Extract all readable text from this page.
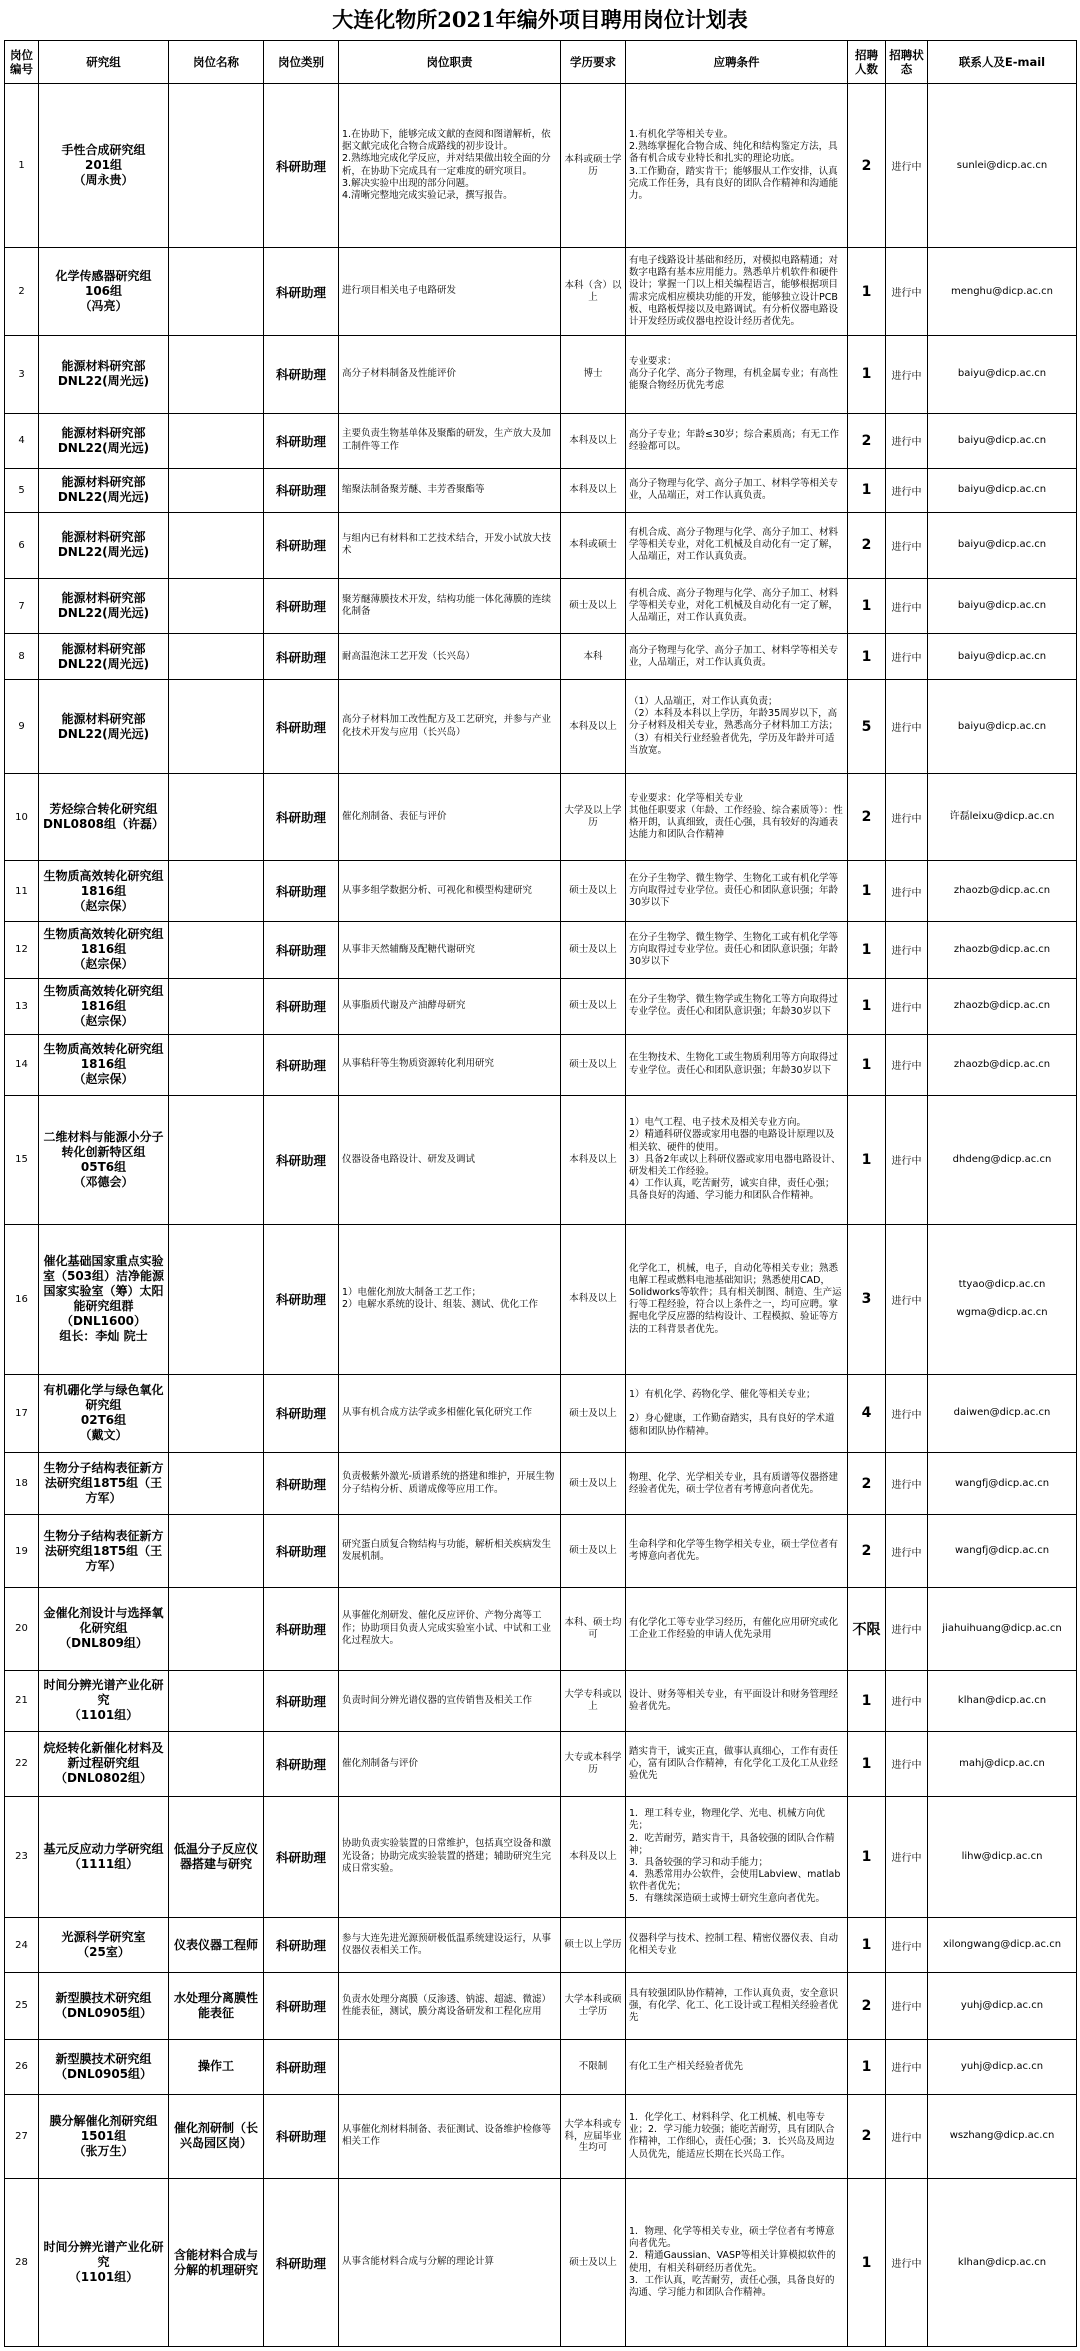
大连化物所2021年编外项目聘用岗位计划表
岗位编号	研究组	岗位名称	岗位类别	岗位职责	学历要求	应聘条件	招聘人数	招聘状态	联系人及E-mail
1	手性合成研究组
201组
（周永贵）		科研助理	1.在协助下，能够完成文献的查阅和图谱解析，依据文献完成化合物合成路线的初步设计。
2.熟练地完成化学反应，并对结果做出较全面的分析，在协助下完成具有一定难度的研究项目。
3.解决实验中出现的部分问题。
4.清晰完整地完成实验记录，撰写报告。	本科或硕士学历	1.有机化学等相关专业。
2.熟练掌握化合物合成、纯化和结构鉴定方法，具备有机合成专业特长和扎实的理论功底。
3.工作勤奋，踏实肯干；能够服从工作安排，认真完成工作任务，具有良好的团队合作精神和沟通能力。	2	进行中	sunlei@dicp.ac.cn
2	化学传感器研究组
106组
（冯亮）		科研助理	进行项目相关电子电路研发	本科（含）以上	有电子线路设计基础和经历，对模拟电路精通；对数字电路有基本应用能力。熟悉单片机软件和硬件设计；掌握一门以上相关编程语言，能够根据项目需求完成相应模块功能的开发，能够独立设计PCB板、电路板焊接以及电路调试。有分析仪器电路设计开发经历或仪器电控设计经历者优先。	1	进行中	menghu@dicp.ac.cn
3	能源材料研究部
DNL22(周光远)		科研助理	高分子材料制备及性能评价	博士	专业要求：
高分子化学、高分子物理，有机金属专业；有高性能聚合物经历优先考虑	1	进行中	baiyu@dicp.ac.cn
4	能源材料研究部
DNL22(周光远)		科研助理	主要负责生物基单体及聚酯的研发，生产放大及加工制件等工作	本科及以上	高分子专业；年龄≤30岁；综合素质高；有无工作经验都可以。	2	进行中	baiyu@dicp.ac.cn
5	能源材料研究部
DNL22(周光远)		科研助理	缩聚法制备聚芳醚、丰芳香聚酯等	本科及以上	高分子物理与化学、高分子加工、材料学等相关专业，人品端正，对工作认真负责。	1	进行中	baiyu@dicp.ac.cn
6	能源材料研究部
DNL22(周光远)		科研助理	与组内已有材料和工艺技术结合，开发小试放大技术	本科或硕士	有机合成、高分子物理与化学、高分子加工、材料学等相关专业，对化工机械及自动化有一定了解，人品端正，对工作认真负责。	2	进行中	baiyu@dicp.ac.cn
7	能源材料研究部
DNL22(周光远)		科研助理	聚芳醚薄膜技术开发，结构功能一体化薄膜的连续化制备	硕士及以上	有机合成、高分子物理与化学、高分子加工、材料学等相关专业，对化工机械及自动化有一定了解，人品端正，对工作认真负责。	1	进行中	baiyu@dicp.ac.cn
8	能源材料研究部
DNL22(周光远)		科研助理	耐高温泡沫工艺开发（长兴岛）	本科	高分子物理与化学、高分子加工、材料学等相关专业，人品端正，对工作认真负责。	1	进行中	baiyu@dicp.ac.cn
9	能源材料研究部
DNL22(周光远)		科研助理	高分子材料加工改性配方及工艺研究，并参与产业化技术开发与应用（长兴岛）	本科及以上	（1）人品端正，对工作认真负责；
（2）本科及本科以上学历，年龄35周岁以下，高分子材料及相关专业，熟悉高分子材料加工方法；
（3）有相关行业经验者优先，学历及年龄并可适当放宽。	5	进行中	baiyu@dicp.ac.cn
10	芳烃综合转化研究组DNL0808组（许磊）		科研助理	催化剂制备、表征与评价	大学及以上学历	专业要求：化学等相关专业
其他任职要求（年龄、工作经验、综合素质等）：性格开朗，认真细致，责任心强，具有较好的沟通表达能力和团队合作精神	2	进行中	许磊leixu@dicp.ac.cn
11	生物质高效转化研究组
1816组
（赵宗保）		科研助理	从事多组学数据分析、可视化和模型构建研究	硕士及以上	在分子生物学、微生物学、生物化工或有机化学等方向取得过专业学位。责任心和团队意识强；年龄30岁以下	1	进行中	zhaozb@dicp.ac.cn
12	生物质高效转化研究组
1816组
（赵宗保）		科研助理	从事非天然辅酶及配糖代谢研究	硕士及以上	在分子生物学、微生物学、生物化工或有机化学等方向取得过专业学位。责任心和团队意识强；年龄30岁以下	1	进行中	zhaozb@dicp.ac.cn
13	生物质高效转化研究组
1816组
（赵宗保）		科研助理	从事脂质代谢及产油酵母研究	硕士及以上	在分子生物学、微生物学或生物化工等方向取得过专业学位。责任心和团队意识强；年龄30岁以下	1	进行中	zhaozb@dicp.ac.cn
14	生物质高效转化研究组
1816组
（赵宗保）		科研助理	从事秸秆等生物质资源转化利用研究	硕士及以上	在生物技术、生物化工或生物质利用等方向取得过专业学位。责任心和团队意识强；年龄30岁以下	1	进行中	zhaozb@dicp.ac.cn
15	二维材料与能源小分子转化创新特区组
05T6组
（邓德会）		科研助理	仪器设备电路设计、研发及调试	本科及以上	1）电气工程、电子技术及相关专业方向。
2）精通科研仪器或家用电器的电路设计原理以及相关软、硬件的使用。
3）具备2年或以上科研仪器或家用电器电路设计、研发相关工作经验。
4）工作认真，吃苦耐劳，诚实自律，责任心强；具备良好的沟通、学习能力和团队合作精神。	1	进行中	dhdeng@dicp.ac.cn
16	催化基础国家重点实验室（503组）洁净能源国家实验室（筹）太阳能研究组群
（DNL1600）
组长：李灿 院士		科研助理	1）电催化剂放大制备工艺工作；
2）电解水系统的设计、组装、测试、优化工作	本科及以上	化学化工，机械，电子，自动化等相关专业；熟悉电解工程或燃料电池基础知识；熟悉使用CAD，Solidworks等软件；具有相关制图、制造、生产运行等工程经验，符合以上条件之一，均可应聘。掌握电化学反应器的结构设计、工程模拟、验证等方法的工科背景者优先。	3	进行中	ttyao@dicp.ac.cn

wgma@dicp.ac.cn
17	有机硼化学与绿色氧化研究组
02T6组
（戴文）		科研助理	从事有机合成方法学或多相催化氧化研究工作	硕士及以上	1）有机化学、药物化学、催化等相关专业；

2）身心健康，工作勤奋踏实，具有良好的学术道德和团队协作精神。	4	进行中	daiwen@dicp.ac.cn
18	生物分子结构表征新方法研究组18T5组（王方军）		科研助理	负责极紫外激光-质谱系统的搭建和维护，开展生物分子结构分析、质谱成像等应用工作。	硕士及以上	物理、化学、光学相关专业，具有质谱等仪器搭建经验者优先，硕士学位者有考博意向者优先。	2	进行中	wangfj@dicp.ac.cn
19	生物分子结构表征新方法研究组18T5组（王方军）		科研助理	研究蛋白质复合物结构与功能，解析相关疾病发生发展机制。	硕士及以上	生命科学和化学等生物学相关专业，硕士学位者有考博意向者优先。	2	进行中	wangfj@dicp.ac.cn
20	金催化剂设计与选择氧化研究组
（DNL809组）		科研助理	从事催化剂研发、催化反应评价、产物分离等工作；协助项目负责人完成实验室小试、中试和工业化过程放大。	本科、硕士均可	有化学化工等专业学习经历，有催化应用研究或化工企业工作经验的申请人优先录用	不限	进行中	jiahuihuang@dicp.ac.cn
21	时间分辨光谱产业化研究
（1101组）		科研助理	负责时间分辨光谱仪器的宣传销售及相关工作	大学专科或以上	设计、财务等相关专业，有平面设计和财务管理经验者优先。	1	进行中	klhan@dicp.ac.cn
22	烷烃转化新催化材料及新过程研究组
（DNL0802组）		科研助理	催化剂制备与评价	大专或本科学历	踏实肯干，诚实正直，做事认真细心，工作有责任心，富有团队合作精神，有化学化工及化工从业经验优先	1	进行中	mahj@dicp.ac.cn
23	基元反应动力学研究组
（1111组）	低温分子反应仪器搭建与研究	科研助理	协助负责实验装置的日常维护，包括真空设备和激光设备；协助完成实验装置的搭建；辅助研究生完成日常实验。	本科及以上	1．理工科专业，物理化学、光电、机械方向优先；
2．吃苦耐劳，踏实肯干，具备较强的团队合作精神；
3．具备较强的学习和动手能力；
4．熟悉常用办公软件，会使用Labview、matlab软件者优先；
5．有继续深造硕士或博士研究生意向者优先。	1	进行中	lihw@dicp.ac.cn
24	光源科学研究室
（25室）	仪表仪器工程师	科研助理	参与大连先进光源预研极低温系统建设运行，从事仪器仪表相关工作。	硕士以上学历	仪器科学与技术、控制工程、精密仪器仪表、自动化相关专业	1	进行中	xilongwang@dicp.ac.cn
25	新型膜技术研究组
（DNL0905组）	水处理分离膜性能表征	科研助理	负责水处理分离膜（反渗透、钠滤、超滤、微滤）性能表征，测试，膜分离设备研发和工程化应用	大学本科或硕士学历	具有较强团队协作精神，工作认真负责，安全意识强，有化学、化工、化工设计或工程相关经验者优先	2	进行中	yuhj@dicp.ac.cn
26	新型膜技术研究组
（DNL0905组）	操作工	科研助理		不限制	有化工生产相关经验者优先	1	进行中	yuhj@dicp.ac.cn
27	膜分解催化剂研究组
1501组
（张万生）	催化剂研制（长兴岛园区岗）	科研助理	从事催化剂材料制备、表征测试、设备维护检修等相关工作	大学本科或专科，应届毕业生均可	1．化学化工、材料科学、化工机械、机电等专业；2．学习能力较强；能吃苦耐劳，具有团队合作精神，工作细心，责任心强；3．长兴岛及周边人员优先，能适应长期在长兴岛工作。	2	进行中	wszhang@dicp.ac.cn
28	时间分辨光谱产业化研究
（1101组）	含能材料合成与分解的机理研究	科研助理	从事含能材料合成与分解的理论计算	硕士及以上	1．物理、化学等相关专业，硕士学位者有考博意向者优先。
2．精通Gaussian、VASP等相关计算模拟软件的使用，有相关科研经历者优先。
3．工作认真，吃苦耐劳，责任心强，具备良好的沟通、学习能力和团队合作精神。	1	进行中	klhan@dicp.ac.cn
